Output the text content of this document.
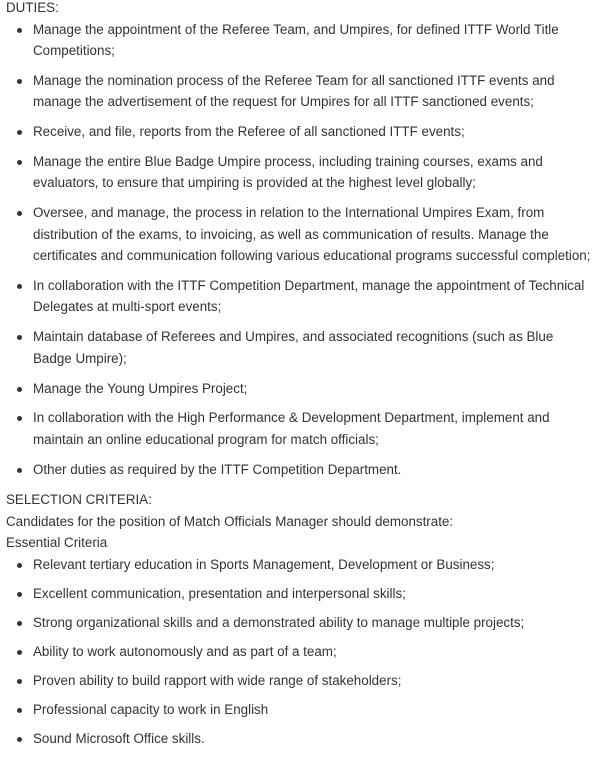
DUTIES:
Manage the appointment of the Referee Team, and Umpires, for defined ITTF World Title Competitions;
Manage the nomination process of the Referee Team for all sanctioned ITTF events and manage the advertisement of the request for Umpires for all ITTF sanctioned events;
Receive, and file, reports from the Referee of all sanctioned ITTF events;
Manage the entire Blue Badge Umpire process, including training courses, exams and evaluators, to ensure that umpiring is provided at the highest level globally;
Oversee, and manage, the process in relation to the International Umpires Exam, from distribution of the exams, to invoicing, as well as communication of results. Manage the certificates and communication following various educational programs successful completion;
In collaboration with the ITTF Competition Department, manage the appointment of Technical Delegates at multi-sport events;
Maintain database of Referees and Umpires, and associated recognitions (such as Blue Badge Umpire);
Manage the Young Umpires Project;
In collaboration with the High Performance & Development Department, implement and maintain an online educational program for match officials;
Other duties as required by the ITTF Competition Department.
SELECTION CRITERIA:
Candidates for the position of Match Officials Manager should demonstrate:
Essential Criteria
Relevant tertiary education in Sports Management, Development or Business;
Excellent communication, presentation and interpersonal skills;
Strong organizational skills and a demonstrated ability to manage multiple projects;
Ability to work autonomously and as part of a team;
Proven ability to build rapport with wide range of stakeholders;
Professional capacity to work in English
Sound Microsoft Office skills.
